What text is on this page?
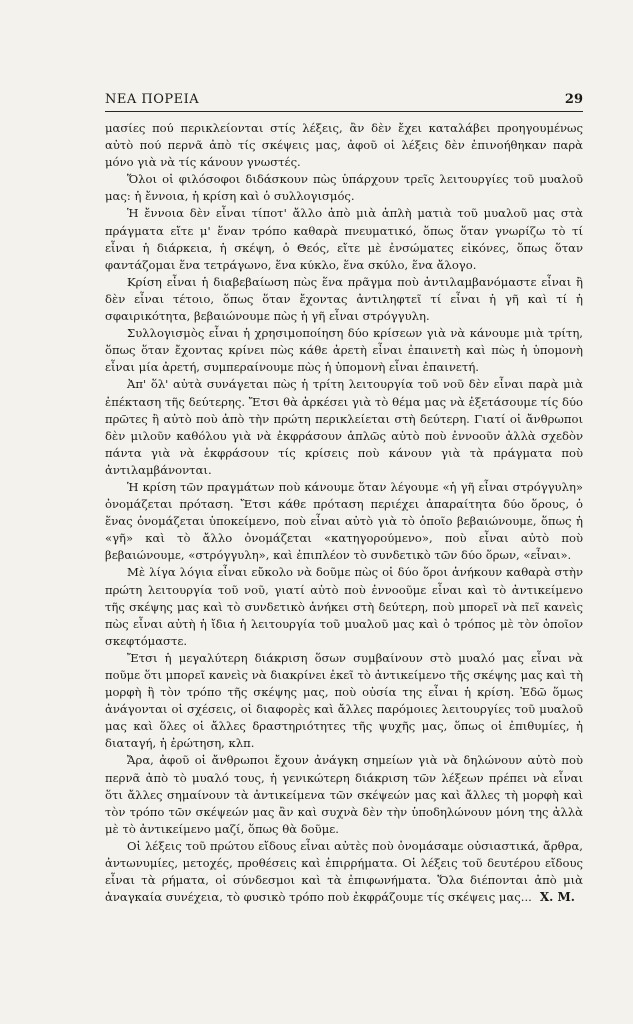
ΝΕΑ ΠΟΡΕΙΑ	29

μασίες πού περικλείονται στίς λέξεις, ἂν δὲν ἔχει καταλάβει προηγουμένως αὐτὸ πού περνᾶ ἀπὸ τίς σκέψεις μας, ἀφοῦ οἱ λέξεις δὲν ἐπινοήθηκαν παρὰ μόνο γιὰ νὰ τίς κάνουν γνωστές.

Ὅλοι οἱ φιλόσοφοι διδάσκουν πὼς ὑπάρχουν τρεῖς λειτουργίες τοῦ μυαλοῦ μας: ἡ ἔννοια, ἡ κρίση καὶ ὁ συλλογισμός.

Ἡ ἔννοια δὲν εἶναι τίποτ' ἄλλο ἀπὸ μιὰ ἁπλὴ ματιὰ τοῦ μυαλοῦ μας στὰ πράγματα εἴτε μ' ἕναν τρόπο καθαρὰ πνευματικό, ὅπως ὅταν γνωρίζω τὸ τί εἶναι ἡ διάρκεια, ἡ σκέψη, ὁ Θεός, εἴτε μὲ ἐνσώματες εἰκόνες, ὅπως ὅταν φαντάζομαι ἕνα τετράγωνο, ἕνα κύκλο, ἕνα σκύλο, ἕνα ἄλογο.

Κρίση εἶναι ἡ διαβεβαίωση πὼς ἕνα πρᾶγμα ποὺ ἀντιλαμβανόμαστε εἶναι ἢ δὲν εἶναι τέτοιο, ὅπως ὅταν ἔχοντας ἀντιληφτεῖ τί εἶναι ἡ γῆ καὶ τί ἡ σφαιρικότητα, βεβαιώνουμε πὼς ἡ γῆ εἶναι στρόγγυλη.

Συλλογισμὸς εἶναι ἡ χρησιμοποίηση δύο κρίσεων γιὰ νὰ κάνουμε μιὰ τρίτη, ὅπως ὅταν ἔχοντας κρίνει πὼς κάθε ἀρετὴ εἶναι ἐπαινετὴ καὶ πὼς ἡ ὑπομονὴ εἶναι μία ἀρετή, συμπεραίνουμε πὼς ἡ ὑπομονὴ εἶναι ἐπαινετή.

Ἀπ' ὅλ' αὐτὰ συνάγεται πὼς ἡ τρίτη λειτουργία τοῦ νοῦ δὲν εἶναι παρὰ μιὰ ἐπέκταση τῆς δεύτερης. Ἔτσι θὰ ἀρκέσει γιὰ τὸ θέμα μας νὰ ἐξετάσουμε τίς δύο πρῶτες ἢ αὐτὸ ποὺ ἀπὸ τὴν πρώτη περικλείεται στὴ δεύτερη. Γιατί οἱ ἄνθρωποι δὲν μιλοῦν καθόλου γιὰ νὰ ἐκφράσουν ἁπλῶς αὐτὸ ποὺ ἐννοοῦν ἀλλὰ σχεδὸν πάντα γιὰ νὰ ἐκφράσουν τίς κρίσεις ποὺ κάνουν γιὰ τὰ πράγματα ποὺ ἀντιλαμβάνονται.

Ἡ κρίση τῶν πραγμάτων ποὺ κάνουμε ὅταν λέγουμε «ἡ γῆ εἶναι στρόγγυλη» ὀνομάζεται πρόταση. Ἔτσι κάθε πρόταση περιέχει ἀπαραίτητα δύο ὅρους, ὁ ἕνας ὀνομάζεται ὑποκείμενο, ποὺ εἶναι αὐτὸ γιὰ τὸ ὁποῖο βεβαιώνουμε, ὅπως ἡ «γῆ» καὶ τὸ ἄλλο ὀνομάζεται «κατηγορούμενο», ποὺ εἶναι αὐτὸ ποὺ βεβαιώνουμε, «στρόγγυλη», καὶ ἐπιπλέον τὸ συνδετικὸ τῶν δύο ὅρων, «εἶναι».

Μὲ λίγα λόγια εἶναι εὔκολο νὰ δοῦμε πὼς οἱ δύο ὅροι ἀνήκουν καθαρὰ στὴν πρώτη λειτουργία τοῦ νοῦ, γιατί αὐτὸ ποὺ ἐννοοῦμε εἶναι καὶ τὸ ἀντικείμενο τῆς σκέψης μας καὶ τὸ συνδετικὸ ἀνήκει στὴ δεύτερη, ποὺ μπορεῖ νὰ πεῖ κανεὶς πὼς εἶναι αὐτὴ ἡ ἴδια ἡ λειτουργία τοῦ μυαλοῦ μας καὶ ὁ τρόπος μὲ τὸν ὁποῖον σκεφτόμαστε.

Ἔτσι ἡ μεγαλύτερη διάκριση ὅσων συμβαίνουν στὸ μυαλό μας εἶναι νὰ ποῦμε ὅτι μπορεῖ κανεὶς νὰ διακρίνει ἐκεῖ τὸ ἀντικείμενο τῆς σκέψης μας καὶ τὴ μορφὴ ἢ τὸν τρόπο τῆς σκέψης μας, ποὺ οὐσία της εἶναι ἡ κρίση. Ἐδῶ ὅμως ἀνάγονται οἱ σχέσεις, οἱ διαφορὲς καὶ ἄλλες παρόμοιες λειτουργίες τοῦ μυαλοῦ μας καὶ ὅλες οἱ ἄλλες δραστηριότητες τῆς ψυχῆς μας, ὅπως οἱ ἐπιθυμίες, ἡ διαταγή, ἡ ἐρώτηση, κλπ.

Ἄρα, ἀφοῦ οἱ ἄνθρωποι ἔχουν ἀνάγκη σημείων γιὰ νὰ δηλώνουν αὐτὸ ποὺ περνᾶ ἀπὸ τὸ μυαλό τους, ἡ γενικώτερη διάκριση τῶν λέξεων πρέπει νὰ εἶναι ὅτι ἄλλες σημαίνουν τὰ ἀντικείμενα τῶν σκέψεών μας καὶ ἄλλες τὴ μορφὴ καὶ τὸν τρόπο τῶν σκέψεών μας ἂν καὶ συχνὰ δὲν τὴν ὑποδηλώνουν μόνη της ἀλλὰ μὲ τὸ ἀντικείμενο μαζί, ὅπως θὰ δοῦμε.

Οἱ λέξεις τοῦ πρώτου εἴδους εἶναι αὐτὲς ποὺ ὀνομάσαμε οὐσιαστικά, ἄρθρα, ἀντωνυμίες, μετοχές, προθέσεις καὶ ἐπιρρήματα. Οἱ λέξεις τοῦ δευτέρου εἴδους εἶναι τὰ ρήματα, οἱ σύνδεσμοι καὶ τὰ ἐπιφωνήματα. Ὅλα διέπονται ἀπὸ μιὰ ἀναγκαία συνέχεια, τὸ φυσικὸ τρόπο ποὺ ἐκφράζουμε τίς σκέψεις μας... Χ. Μ.
